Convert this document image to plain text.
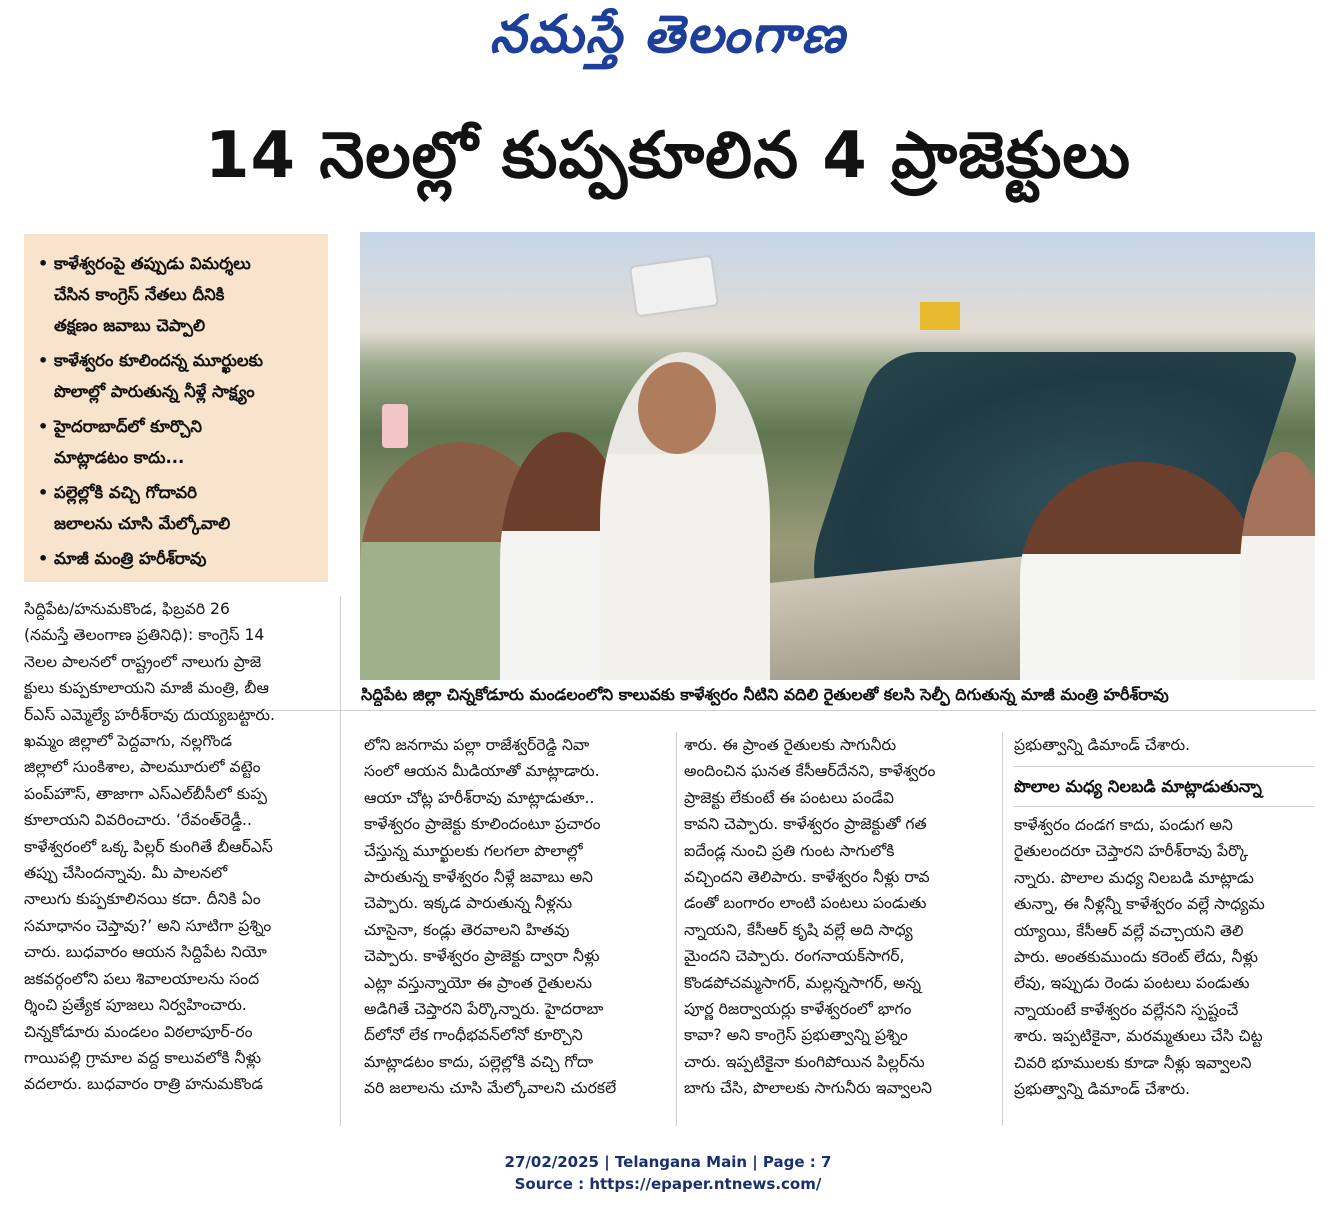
నమస్తే తెలంగాణ
14 నెలల్లో కుప్పకూలిన 4 ప్రాజెక్టులు
• కాళేశ్వరంపై తప్పుడు విమర్శలు
చేసిన కాంగ్రెస్ నేతలు దీనికి
తక్షణం జవాబు చెప్పాలి
• కాళేశ్వరం కూలిందన్న మూర్ఖులకు
పొలాల్లో పారుతున్న నీళ్లే సాక్ష్యం
• హైదరాబాద్‌లో కూర్చొని
మాట్లాడటం కాదు...
• పల్లెల్లోకి వచ్చి గోదావరి
జలాలను చూసి మేల్కోవాలి
• మాజీ మంత్రి హరీశ్‌రావు
సిద్దిపేట జిల్లా చిన్నకోడూరు మండలంలోని కాలువకు కాళేశ్వరం నీటిని వదిలి రైతులతో కలసి సెల్ఫీ దిగుతున్న మాజీ మంత్రి హరీశ్‌రావు
సిద్దిపేట/హనుమకొండ, ఫిబ్రవరి 26
(నమస్తే తెలంగాణ ప్రతినిధి): కాంగ్రెస్ 14
నెలల పాలనలో రాష్ట్రంలో నాలుగు ప్రాజె
క్టులు కుప్పకూలాయని మాజీ మంత్రి, బీఆ
ర్‌ఎస్ ఎమ్మెల్యే హరీశ్‌రావు దుయ్యబట్టారు.
ఖమ్మం జిల్లాలో పెద్దవాగు, నల్లగొండ
జిల్లాలో సుంకిశాల, పాలమూరులో వట్టెం
పంప్‌హౌస్, తాజాగా ఎస్‌ఎల్‌బీసీలో కుప్ప
కూలాయని వివరించారు. ‘రేవంత్‌రెడ్డీ..
కాళేశ్వరంలో ఒక్క పిల్లర్ కుంగితే బీఆర్‌ఎస్
తప్పు చేసిందన్నావు. మీ పాలనలో
నాలుగు కుప్పకూలినయి కదా. దీనికి ఏం
సమాధానం చెప్తావు?’ అని సూటిగా ప్రశ్నిం
చారు. బుధవారం ఆయన సిద్దిపేట నియో
జకవర్గంలోని పలు శివాలయాలను సంద
ర్శించి ప్రత్యేక పూజలు నిర్వహించారు.
చిన్నకోడూరు మండలం విఠలాపూర్-రం
గాయిపల్లి గ్రామాల వద్ద కాలువలోకి నీళ్లు
వదలారు. బుధవారం రాత్రి హనుమకొండ
లోని జనగామ పల్లా రాజేశ్వర్‌రెడ్డి నివా
సంలో ఆయన మీడియాతో మాట్లాడారు.
ఆయా చోట్ల హరీశ్‌రావు మాట్లాడుతూ..
కాళేశ్వరం ప్రాజెక్టు కూలిందంటూ ప్రచారం
చేస్తున్న మూర్ఖులకు గలగలా పొలాల్లో
పారుతున్న కాళేశ్వరం నీళ్లే జవాబు అని
చెప్పారు. ఇక్కడ పారుతున్న నీళ్లను
చూసైనా, కండ్లు తెరవాలని హితవు
చెప్పారు. కాళేశ్వరం ప్రాజెక్టు ద్వారా నీళ్లు
ఎట్లా వస్తున్నాయో ఈ ప్రాంత రైతులను
అడిగితే చెప్తారని పేర్కొన్నారు. హైదరాబా
ద్‌లోనో లేక గాంధీభవన్‌లోనో కూర్చొని
మాట్లాడటం కాదు, పల్లెల్లోకి వచ్చి గోదా
వరి జలాలను చూసి మేల్కోవాలని చురకలే
శారు. ఈ ప్రాంత రైతులకు సాగునీరు
అందించిన ఘనత కేసీఆర్‌దేనని, కాళేశ్వరం
ప్రాజెక్టు లేకుంటే ఈ పంటలు పండేవి
కావని చెప్పారు. కాళేశ్వరం ప్రాజెక్టుతో గత
ఐదేండ్ల నుంచి ప్రతి గుంట సాగులోకి
వచ్చిందని తెలిపారు. కాళేశ్వరం నీళ్లు రావ
డంతో బంగారం లాంటి పంటలు పండుతు
న్నాయని, కేసీఆర్ కృషి వల్లే అది సాధ్య
మైందని చెప్పారు. రంగనాయక్‌సాగర్,
కొండపోచమ్మసాగర్, మల్లన్నసాగర్, అన్న
పూర్ణ రిజర్వాయర్లు కాళేశ్వరంలో భాగం
కావా? అని కాంగ్రెస్ ప్రభుత్వాన్ని ప్రశ్నిం
చారు. ఇప్పటికైనా కుంగిపోయిన పిల్లర్‌ను
బాగు చేసి, పొలాలకు సాగునీరు ఇవ్వాలని
ప్రభుత్వాన్ని డిమాండ్ చేశారు.
పొలాల మధ్య నిలబడి మాట్లాడుతున్నా
కాళేశ్వరం దండగ కాదు, పండుగ అని
రైతులందరూ చెప్తారని హరీశ్‌రావు పేర్కొ
న్నారు. పొలాల మధ్య నిలబడి మాట్లాడు
తున్నా, ఈ నీళ్లన్నీ కాళేశ్వరం వల్లే సాధ్యమ
య్యాయి, కేసీఆర్ వల్లే వచ్చాయని తెలి
పారు. అంతకుముందు కరెంట్ లేదు, నీళ్లు
లేవు, ఇప్పుడు రెండు పంటలు పండుతు
న్నాయంటే కాళేశ్వరం వల్లేనని స్పష్టంచే
శారు. ఇప్పటికైనా, మరమ్మతులు చేసి చిట్ట
చివరి భూములకు కూడా నీళ్లు ఇవ్వాలని
ప్రభుత్వాన్ని డిమాండ్ చేశారు.
27/02/2025 | Telangana Main | Page : 7
Source : https://epaper.ntnews.com/
